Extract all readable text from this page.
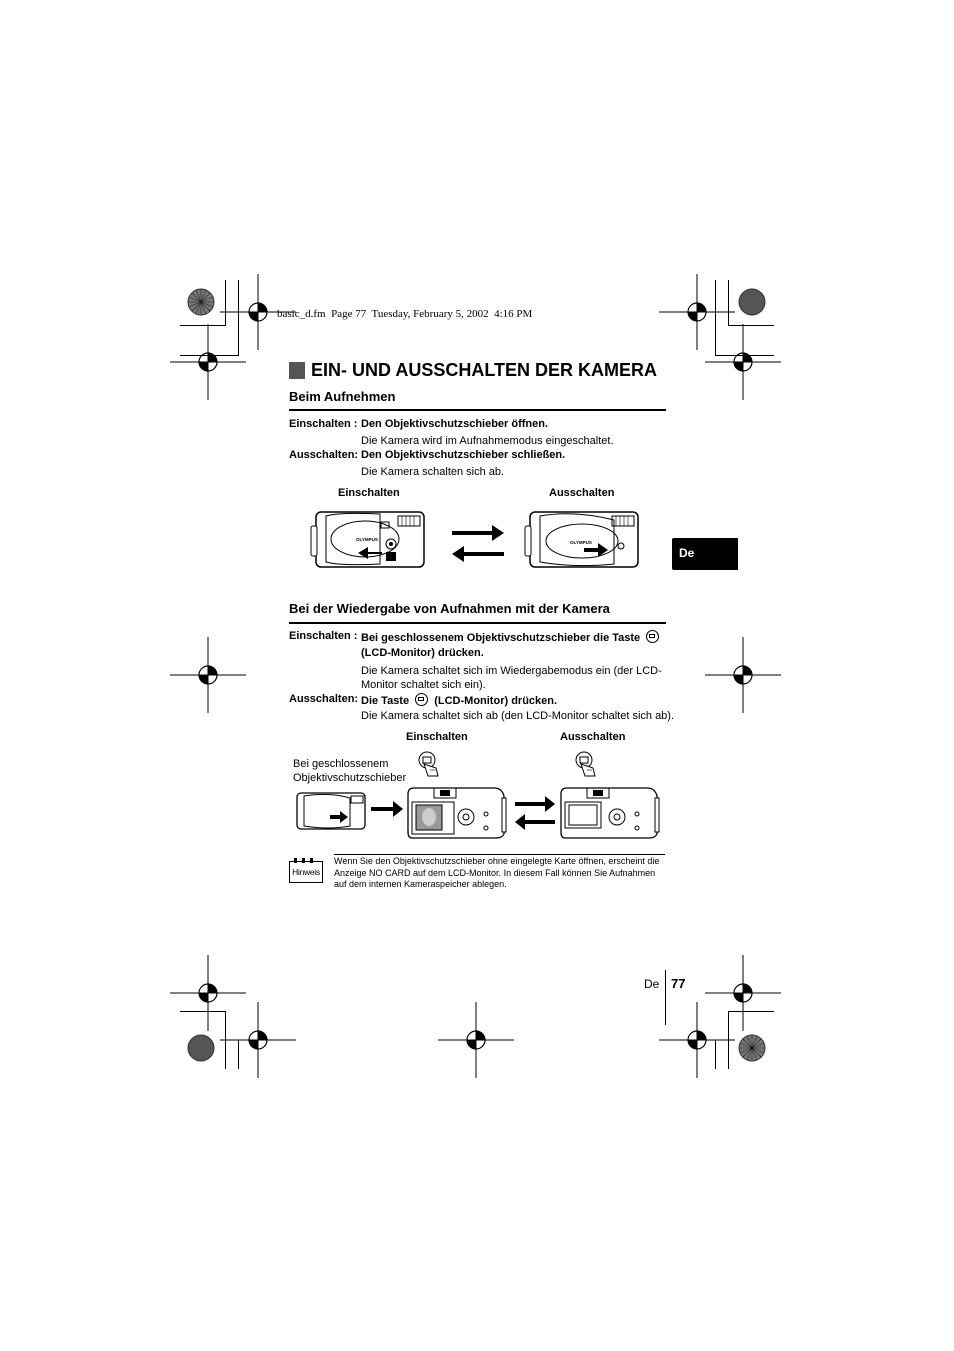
basic_d.fm  Page 77  Tuesday, February 5, 2002  4:16 PM
EIN- UND AUSSCHALTEN DER KAMERA
Beim Aufnehmen
Einschalten : Den Objektivschutzschieber öffnen.
Die Kamera wird im Aufnahmemodus eingeschaltet.
Ausschalten: Den Objektivschutzschieber schließen.
Die Kamera schalten sich ab.
Einschalten	Ausschalten
OLYMPUS
OLYMPUS
De
Bei der Wiedergabe von Aufnahmen mit der Kamera
Einschalten : Bei geschlossenem Objektivschutzschieber die Taste
(LCD-Monitor) drücken.
Die Kamera schaltet sich im Wiedergabemodus ein (der LCD-Monitor schaltet sich ein).
Ausschalten: Die Taste (LCD-Monitor) drücken.
Die Kamera schaltet sich ab (den LCD-Monitor schaltet sich ab).
Einschalten	Ausschalten
Bei geschlossenem Objektivschutzschieber
Hinweis
Wenn Sie den Objektivschutzschieber ohne eingelegte Karte öffnen, erscheint die Anzeige NO CARD auf dem LCD-Monitor. In diesem Fall können Sie Aufnahmen auf dem internen Kameraspeicher ablegen.
De 77
